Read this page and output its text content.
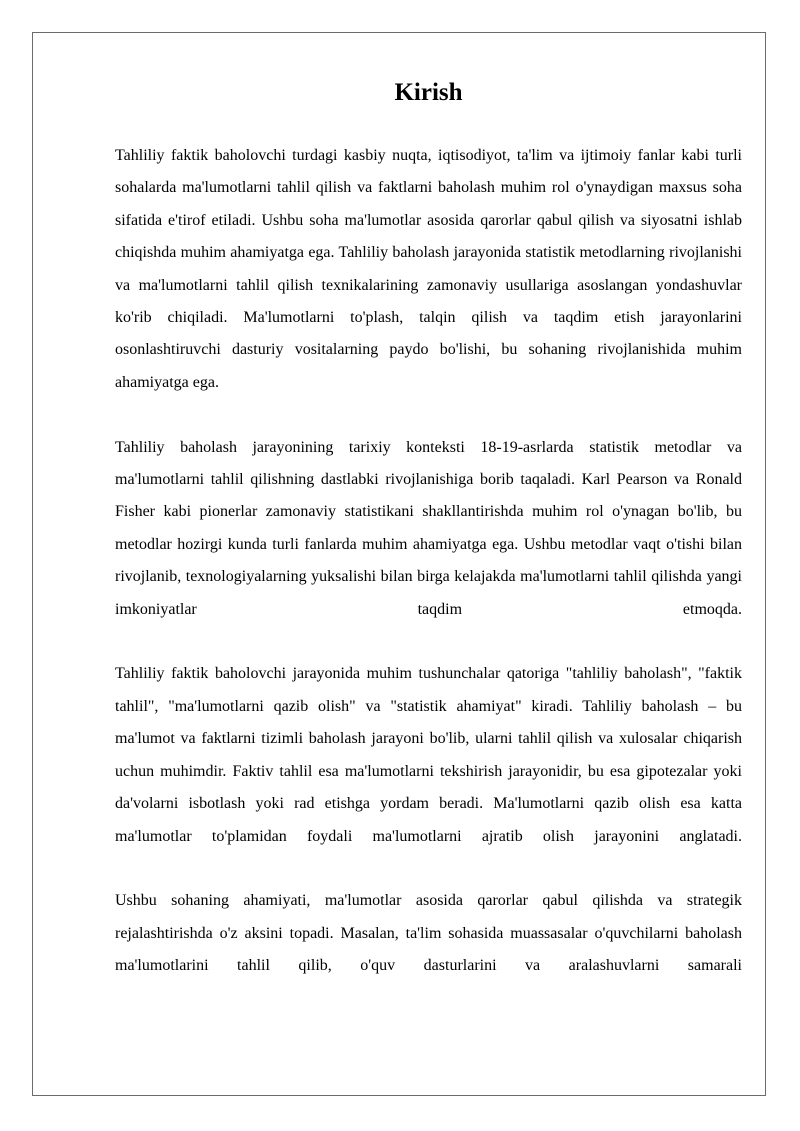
Kirish

Tahliliy faktik baholovchi turdagi kasbiy nuqta, iqtisodiyot, ta'lim va ijtimoiy fanlar kabi turli sohalarda ma'lumotlarni tahlil qilish va faktlarni baholash muhim rol o'ynaydigan maxsus soha sifatida e'tirof etiladi. Ushbu soha ma'lumotlar asosida qarorlar qabul qilish va siyosatni ishlab chiqishda muhim ahamiyatga ega. Tahliliy baholash jarayonida statistik metodlarning rivojlanishi va ma'lumotlarni tahlil qilish texnikalarining zamonaviy usullariga asoslangan yondashuvlar ko'rib chiqiladi. Ma'lumotlarni to'plash, talqin qilish va taqdim etish jarayonlarini osonlashtiruvchi dasturiy vositalarning paydo bo'lishi, bu sohaning rivojlanishida muhim ahamiyatga ega.

Tahliliy baholash jarayonining tarixiy konteksti 18-19-asrlarda statistik metodlar va ma'lumotlarni tahlil qilishning dastlabki rivojlanishiga borib taqaladi. Karl Pearson va Ronald Fisher kabi pionerlar zamonaviy statistikani shakllantirishda muhim rol o'ynagan bo'lib, bu metodlar hozirgi kunda turli fanlarda muhim ahamiyatga ega. Ushbu metodlar vaqt o'tishi bilan rivojlanib, texnologiyalarning yuksalishi bilan birga kelajakda ma'lumotlarni tahlil qilishda yangi imkoniyatlar taqdim etmoqda.

Tahliliy faktik baholovchi jarayonida muhim tushunchalar qatoriga "tahliliy baholash", "faktik tahlil", "ma'lumotlarni qazib olish" va "statistik ahamiyat" kiradi. Tahliliy baholash – bu ma'lumot va faktlarni tizimli baholash jarayoni bo'lib, ularni tahlil qilish va xulosalar chiqarish uchun muhimdir. Faktiv tahlil esa ma'lumotlarni tekshirish jarayonidir, bu esa gipotezalar yoki da'volarni isbotlash yoki rad etishga yordam beradi. Ma'lumotlarni qazib olish esa katta ma'lumotlar to'plamidan foydali ma'lumotlarni ajratib olish jarayonini anglatadi.

Ushbu sohaning ahamiyati, ma'lumotlar asosida qarorlar qabul qilishda va strategik rejalashtirishda o'z aksini topadi. Masalan, ta'lim sohasida muassasalar o'quvchilarni baholash ma'lumotlarini tahlil qilib, o'quv dasturlarini va aralashuvlarni samarali
